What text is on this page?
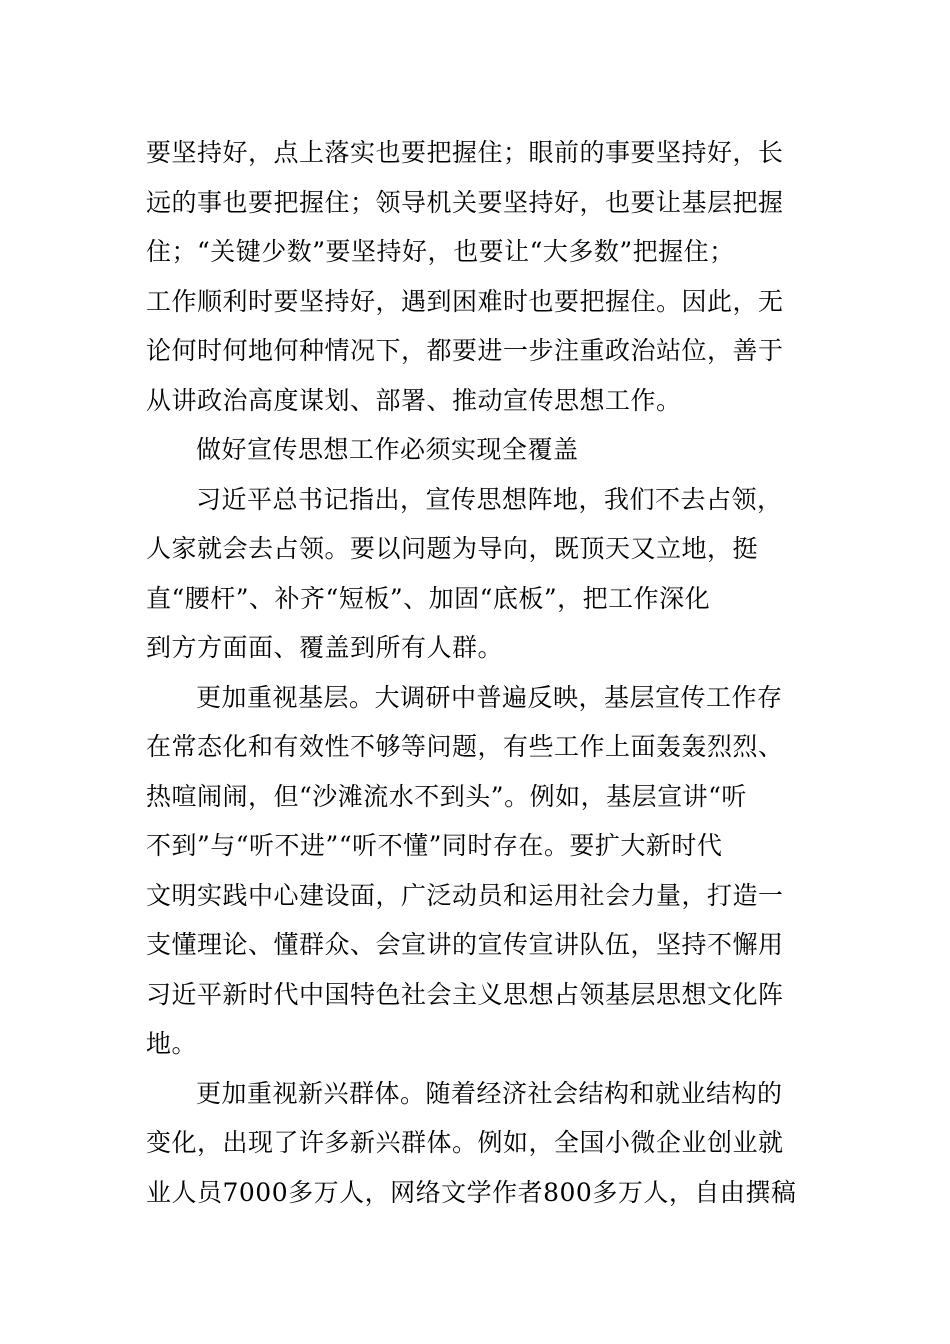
要坚持好，点上落实也要把握住；眼前的事要坚持好，长
远的事也要把握住；领导机关要坚持好，也要让基层把握
住；“关键少数”要坚持好，也要让“大多数”把握住；
工作顺利时要坚持好，遇到困难时也要把握住。因此，无
论何时何地何种情况下，都要进一步注重政治站位，善于
从讲政治高度谋划、部署、推动宣传思想工作。
做好宣传思想工作必须实现全覆盖
习近平总书记指出，宣传思想阵地，我们不去占领，
人家就会去占领。要以问题为导向，既顶天又立地，挺
直“腰杆”、补齐“短板”、加固“底板”，把工作深化
到方方面面、覆盖到所有人群。
更加重视基层。大调研中普遍反映，基层宣传工作存
在常态化和有效性不够等问题，有些工作上面轰轰烈烈、
热喧闹闹，但“沙滩流水不到头”。例如，基层宣讲“听
不到”与“听不进”“听不懂”同时存在。要扩大新时代
文明实践中心建设面，广泛动员和运用社会力量，打造一
支懂理论、懂群众、会宣讲的宣传宣讲队伍，坚持不懈用
习近平新时代中国特色社会主义思想占领基层思想文化阵
地。
更加重视新兴群体。随着经济社会结构和就业结构的
变化，出现了许多新兴群体。例如，全国小微企业创业就
业人员7000多万人，网络文学作者800多万人，自由撰稿
